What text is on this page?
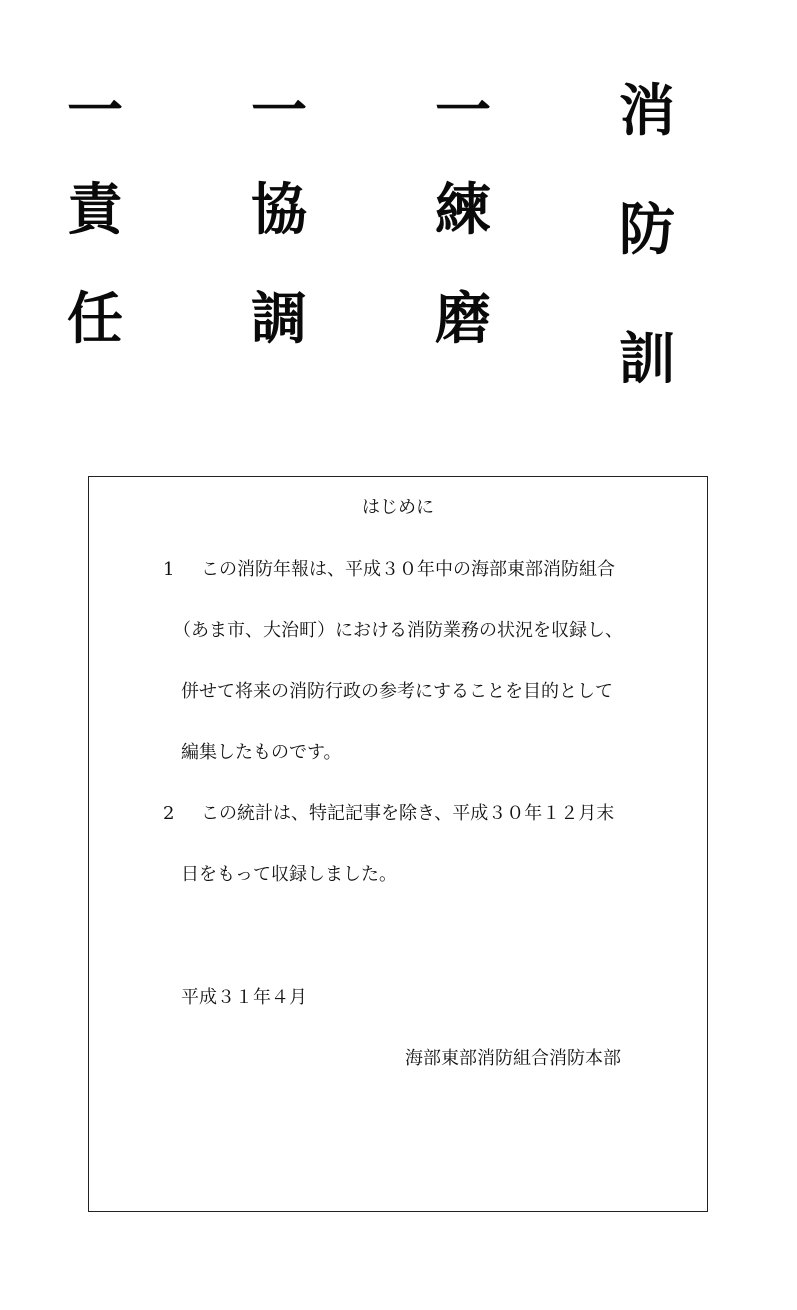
消
防
訓
一
練
磨
一
協
調
一
責
任
はじめに
1 この消防年報は、平成３０年中の海部東部消防組合
（あま市、大治町）における消防業務の状況を収録し、
併せて将来の消防行政の参考にすることを目的として
編集したものです。
2 この統計は、特記記事を除き、平成３０年１２月末
日をもって収録しました。
平成３１年４月
海部東部消防組合消防本部
